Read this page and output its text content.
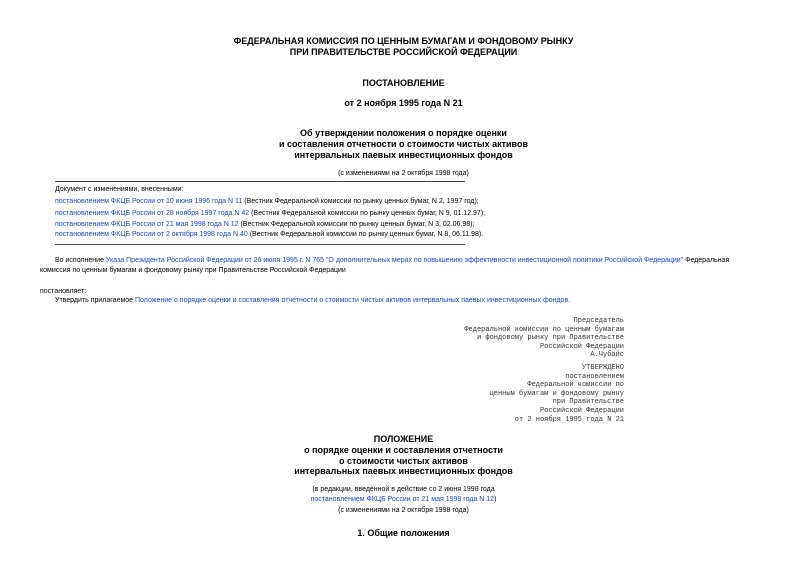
ФЕДЕРАЛЬНАЯ КОМИССИЯ ПО ЦЕННЫМ БУМАГАМ И ФОНДОВОМУ РЫНКУ
ПРИ ПРАВИТЕЛЬСТВЕ РОССИЙСКОЙ ФЕДЕРАЦИИ
ПОСТАНОВЛЕНИЕ
от 2 ноября 1995 года N 21
Об утверждении положения о порядке оценки
и составления отчетности о стоимости чистых активов
интервальных паевых инвестиционных фондов
(с изменениями на 2 октября 1998 года)
Документ с изменениями, внесенными:
постановлением ФКЦБ России от 10 июня 1996 года N 11 (Вестник Федеральной комиссии по рынку ценных бумаг, N 2, 1997 год);
постановлением ФКЦБ России от 28 ноября 1997 года N 42 (Вестник Федеральной комиссии по рынку ценных бумаг, N 9, 01.12.97);
постановлением ФКЦБ России от 21 мая 1998 года N 12 (Вестник Федеральной комиссии по рынку ценных бумаг, N 3, 02.06.98);
постановлением ФКЦБ России от 2 октября 1998 года N 40 (Вестник Федеральной комиссии по рынку ценных бумаг, N 8, 06.11.98).
Во исполнение Указа Президента Российской Федерации от 26 июля 1995 г. N 765 "О дополнительных мерах по повышению эффективности инвестиционной политики Российской Федерации" Федеральная
комиссия по ценным бумагам и фондовому рынку при Правительстве Российской Федерации
постановляет:
Утвердить прилагаемое Положение о порядке оценки и составления отчетности о стоимости чистых активов интервальных паевых инвестиционных фондов.
Председатель
Федеральной комиссии по ценным бумагам
и фондовому рынку при Правительстве
Российской Федерации
А.Чубайс
УТВЕРЖДЕНО
постановлением
Федеральной комиссии по
ценным бумагам и фондовому рынку
при Правительстве
Российской Федерации
от 2 ноября 1995 года N 21
ПОЛОЖЕНИЕ
о порядке оценки и составления отчетности
о стоимости чистых активов
интервальных паевых инвестиционных фондов
(в редакции, введенной в действие со 2 июня 1998 года
постановлением ФКЦБ России от 21 мая 1998 года N 12)
(с изменениями на 2 октября 1998 года)
1. Общие положения
